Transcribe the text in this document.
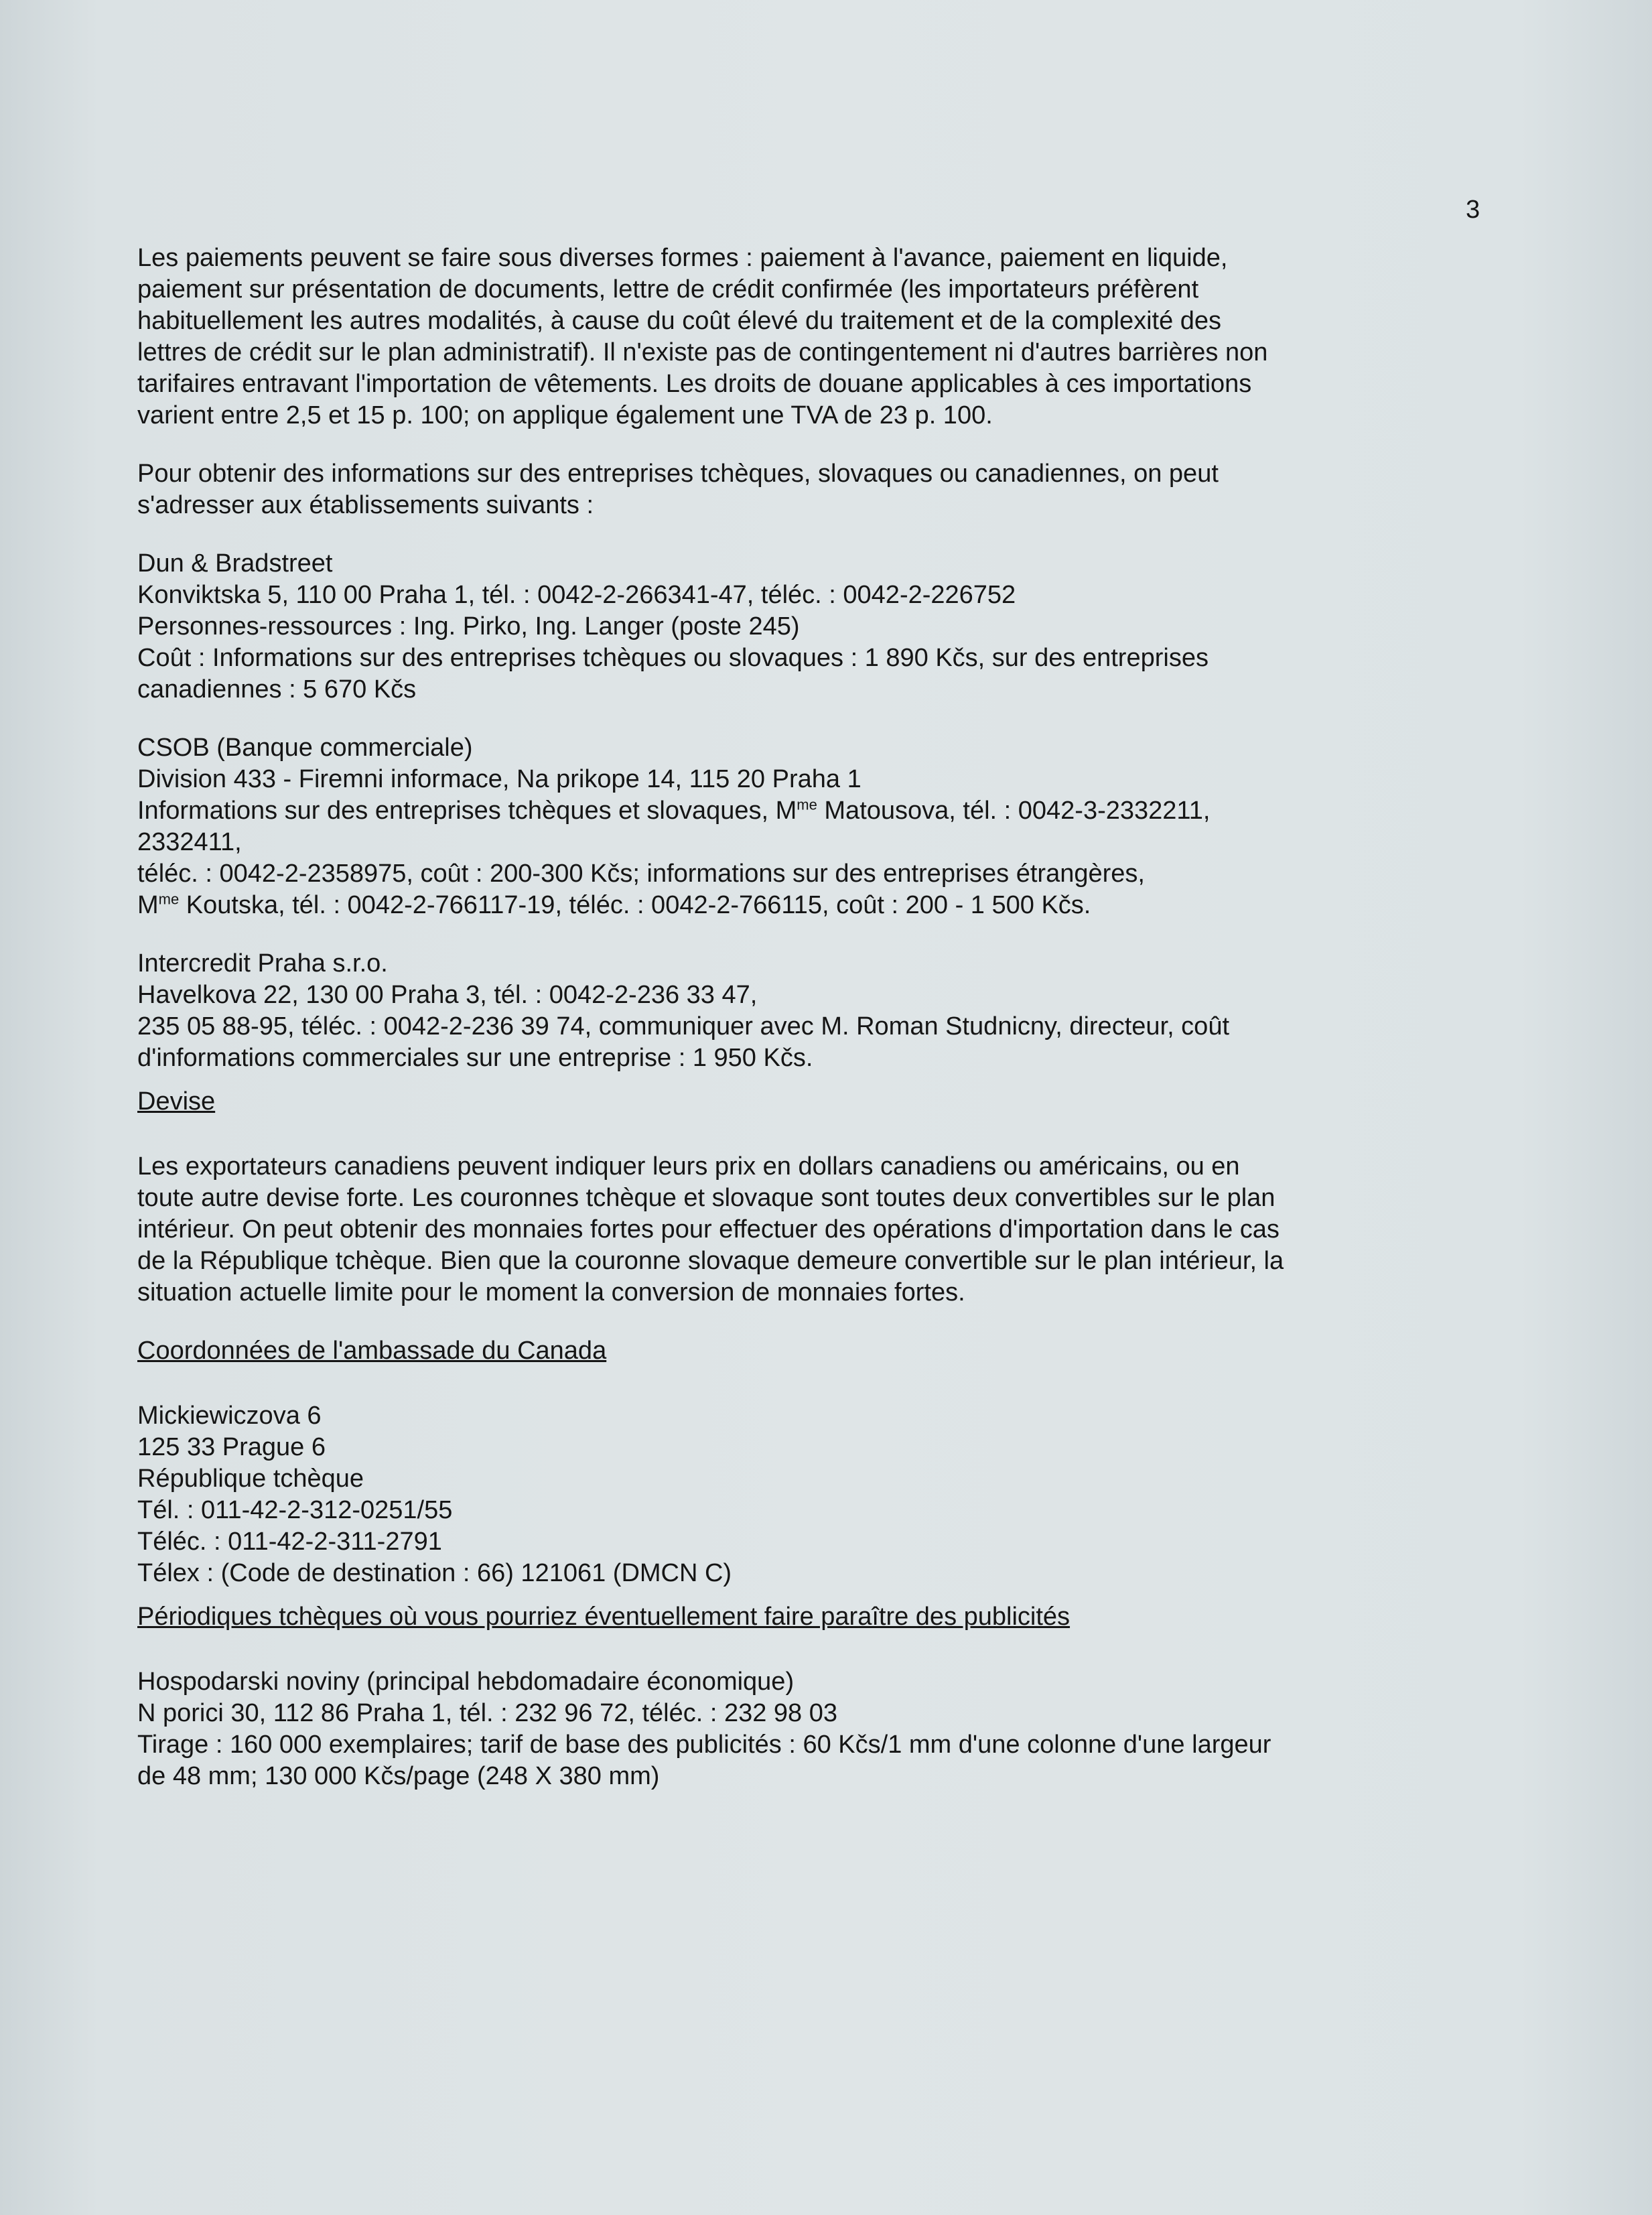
3
Les paiements peuvent se faire sous diverses formes : paiement à l'avance, paiement en liquide,
paiement sur présentation de documents, lettre de crédit confirmée (les importateurs préfèrent
habituellement les autres modalités, à cause du coût élevé du traitement et de la complexité des
lettres de crédit sur le plan administratif). Il n'existe pas de contingentement ni d'autres barrières non
tarifaires entravant l'importation de vêtements. Les droits de douane applicables à ces importations
varient entre 2,5 et 15 p. 100; on applique également une TVA de 23 p. 100.
Pour obtenir des informations sur des entreprises tchèques, slovaques ou canadiennes, on peut
s'adresser aux établissements suivants :
Dun & Bradstreet
Konviktska 5, 110 00 Praha 1, tél. : 0042-2-266341-47, téléc. : 0042-2-226752
Personnes-ressources : Ing. Pirko, Ing. Langer (poste 245)
Coût : Informations sur des entreprises tchèques ou slovaques : 1 890 Kčs, sur des entreprises
canadiennes : 5 670 Kčs
CSOB (Banque commerciale)
Division 433 - Firemni informace, Na prikope 14, 115 20 Praha 1
Informations sur des entreprises tchèques et slovaques, $M^{me}$ Matousova, tél. : 0042-3-2332211,
2332411,
téléc. : 0042-2-2358975, coût : 200-300 Kčs; informations sur des entreprises étrangères,
$M^{me}$ Koutska, tél. : 0042-2-766117-19, téléc. : 0042-2-766115, coût : 200 - 1 500 Kčs.
Intercredit Praha s.r.o.
Havelkova 22, 130 00 Praha 3, tél. : 0042-2-236 33 47,
235 05 88-95, téléc. : 0042-2-236 39 74, communiquer avec M. Roman Studnicny, directeur, coût
d'informations commerciales sur une entreprise : 1 950 Kčs.
Devise
Les exportateurs canadiens peuvent indiquer leurs prix en dollars canadiens ou américains, ou en
toute autre devise forte. Les couronnes tchèque et slovaque sont toutes deux convertibles sur le plan
intérieur. On peut obtenir des monnaies fortes pour effectuer des opérations d'importation dans le cas
de la République tchèque. Bien que la couronne slovaque demeure convertible sur le plan intérieur, la
situation actuelle limite pour le moment la conversion de monnaies fortes.
Coordonnées de l'ambassade du Canada
Mickiewiczova 6
125 33 Prague 6
République tchèque
Tél. : 011-42-2-312-0251/55
Téléc. : 011-42-2-311-2791
Télex : (Code de destination : 66) 121061 (DMCN C)
Périodiques tchèques où vous pourriez éventuellement faire paraître des publicités
Hospodarski noviny (principal hebdomadaire économique)
N porici 30, 112 86 Praha 1, tél. : 232 96 72, téléc. : 232 98 03
Tirage : 160 000 exemplaires; tarif de base des publicités : 60 Kčs/1 mm d'une colonne d'une largeur
de 48 mm; 130 000 Kčs/page (248 X 380 mm)
